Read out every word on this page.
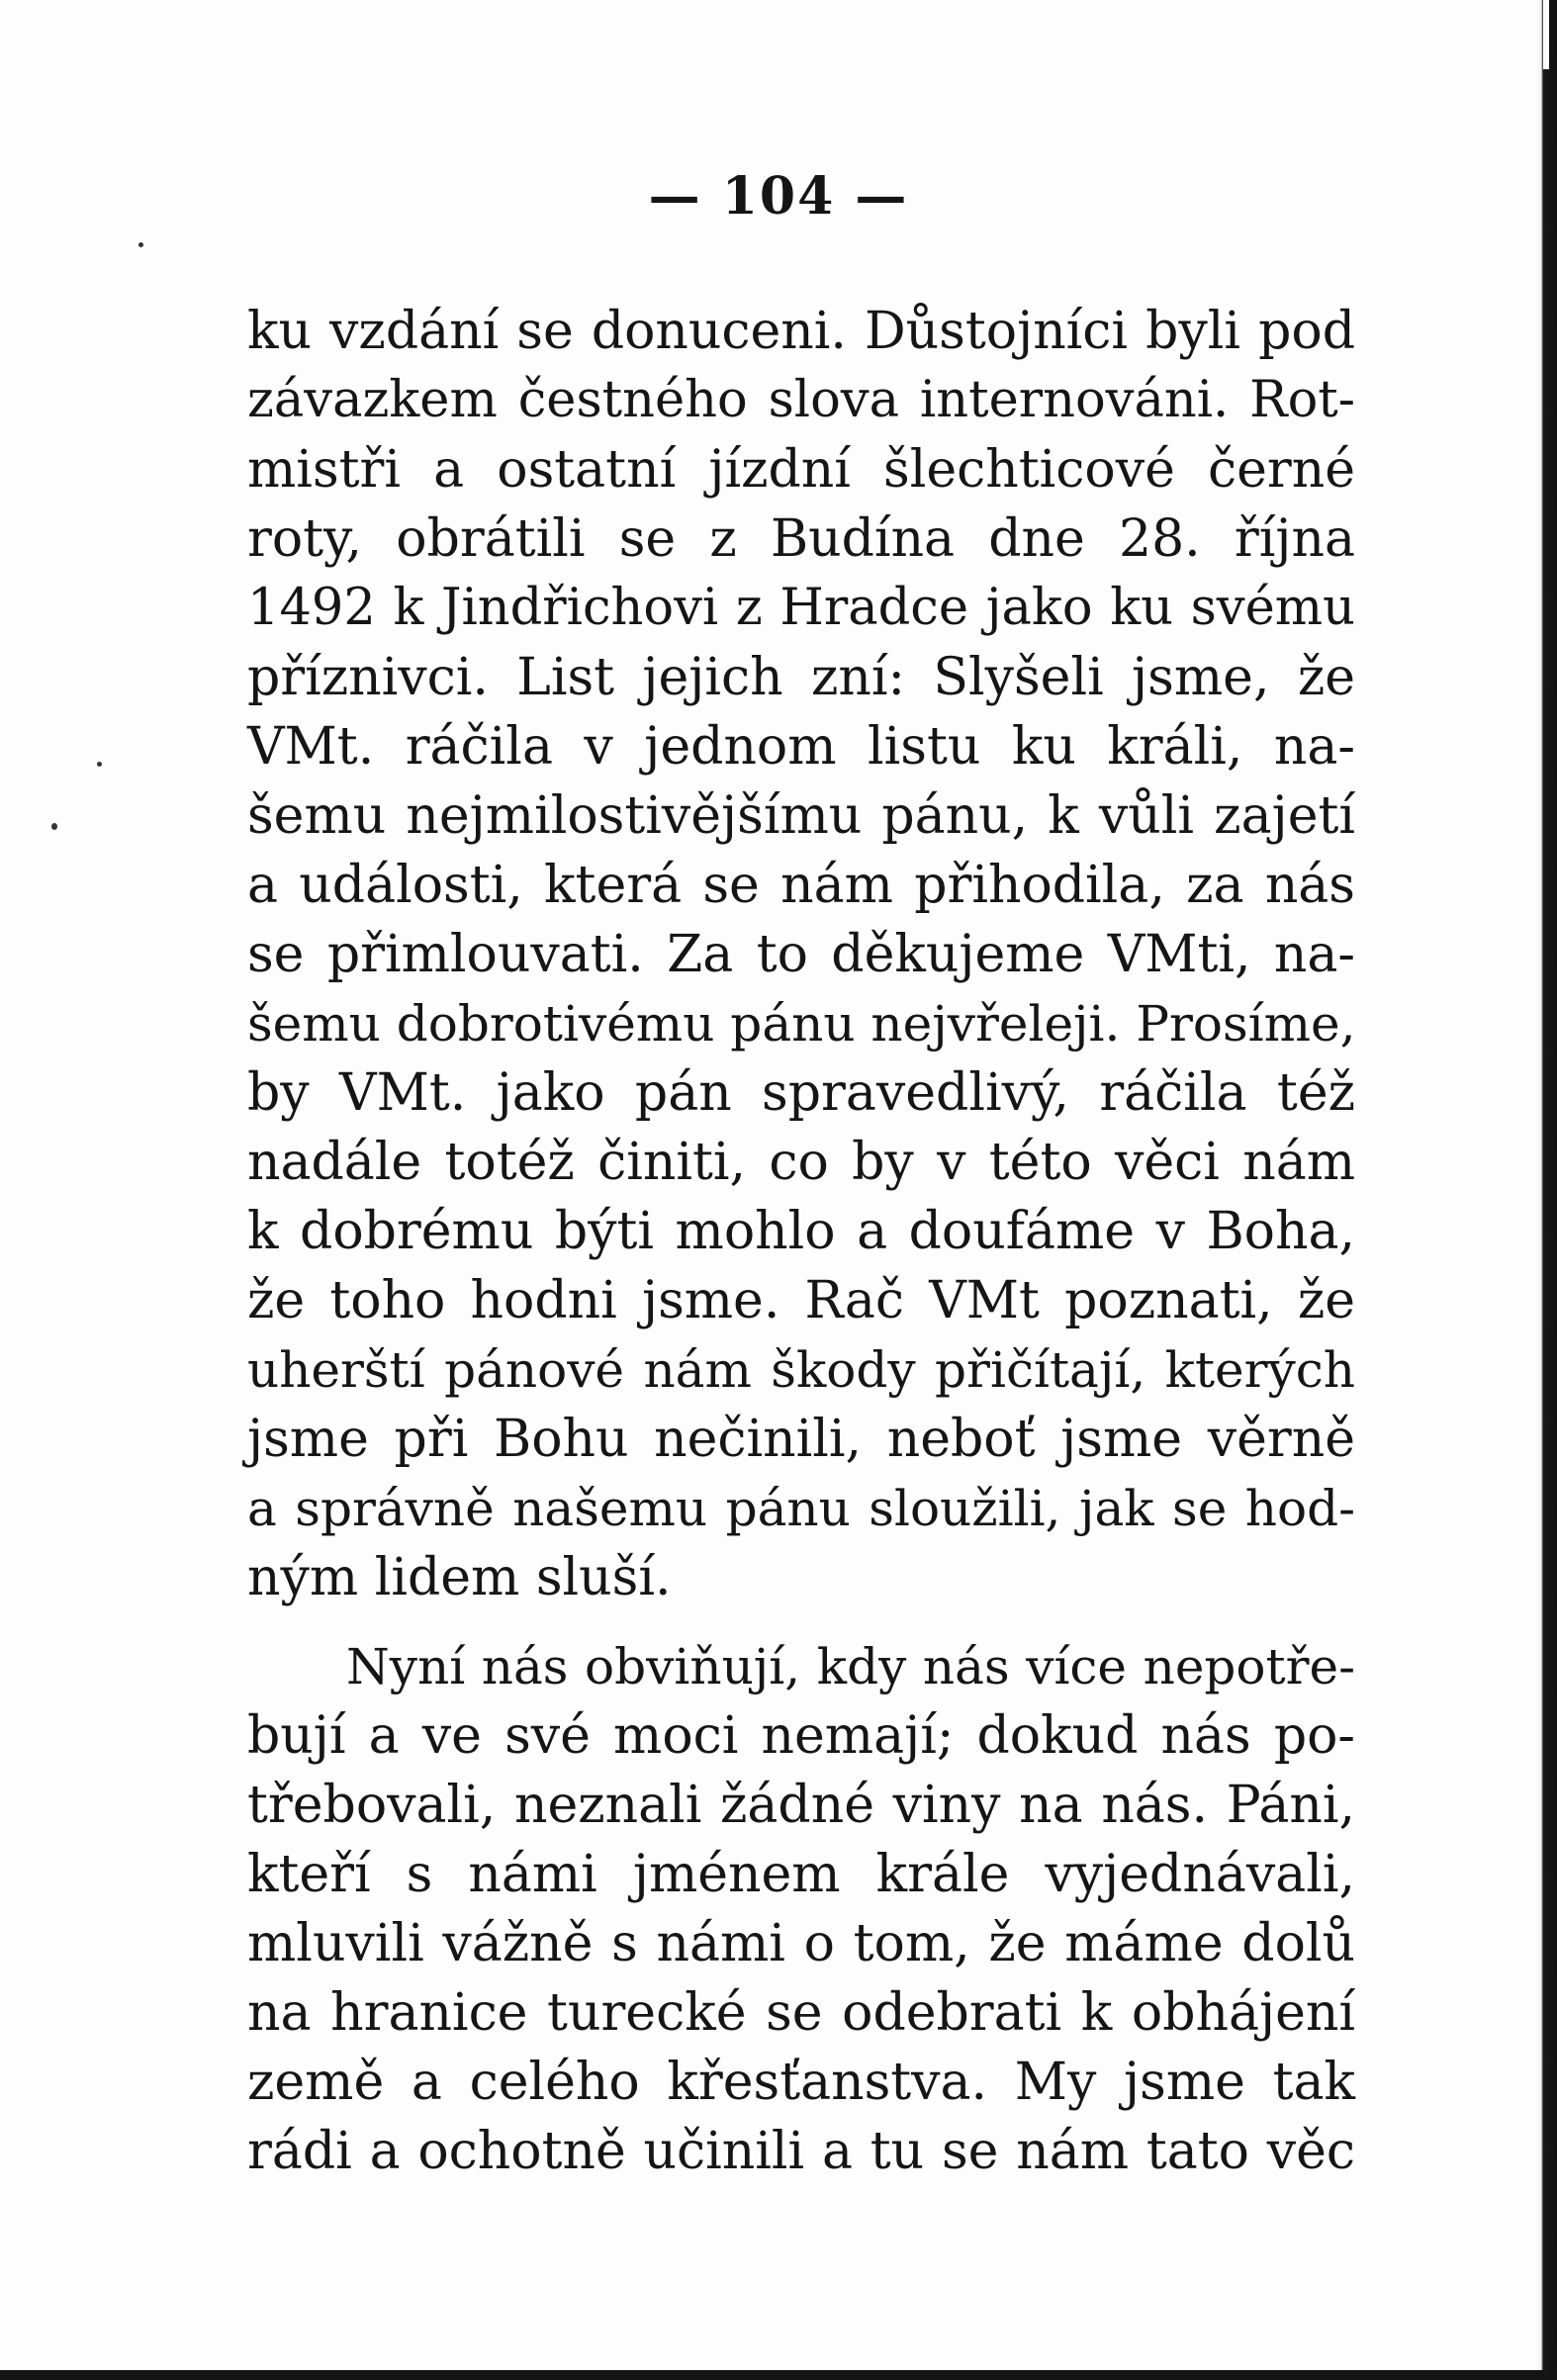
— 104 —
ku vzdání se donuceni. Důstojníci byli pod
závazkem čestného slova internováni. Rot-
mistři a ostatní jízdní šlechticové černé
roty, obrátili se z Budína dne 28. října
1492 k Jindřichovi z Hradce jako ku svému
příznivci. List jejich zní: Slyšeli jsme, že
VMt. ráčila v jednom listu ku králi, na-
šemu nejmilostivějšímu pánu, k vůli zajetí
a události, která se nám přihodila, za nás
se přimlouvati. Za to děkujeme VMti, na-
šemu dobrotivému pánu nejvřeleji. Prosíme,
by VMt. jako pán spravedlivý, ráčila též
nadále totéž činiti, co by v této věci nám
k dobrému býti mohlo a doufáme v Boha,
že toho hodni jsme. Rač VMt poznati, že
uherští pánové nám škody přičítají, kterých
jsme při Bohu nečinili, neboť jsme věrně
a správně našemu pánu sloužili, jak se hod-
ným lidem sluší.
Nyní nás obviňují, kdy nás více nepotře-
bují a ve své moci nemají; dokud nás po-
třebovali, neznali žádné viny na nás. Páni,
kteří s námi jménem krále vyjednávali,
mluvili vážně s námi o tom, že máme dolů
na hranice turecké se odebrati k obhájení
země a celého křesťanstva. My jsme tak
rádi a ochotně učinili a tu se nám tato věc
